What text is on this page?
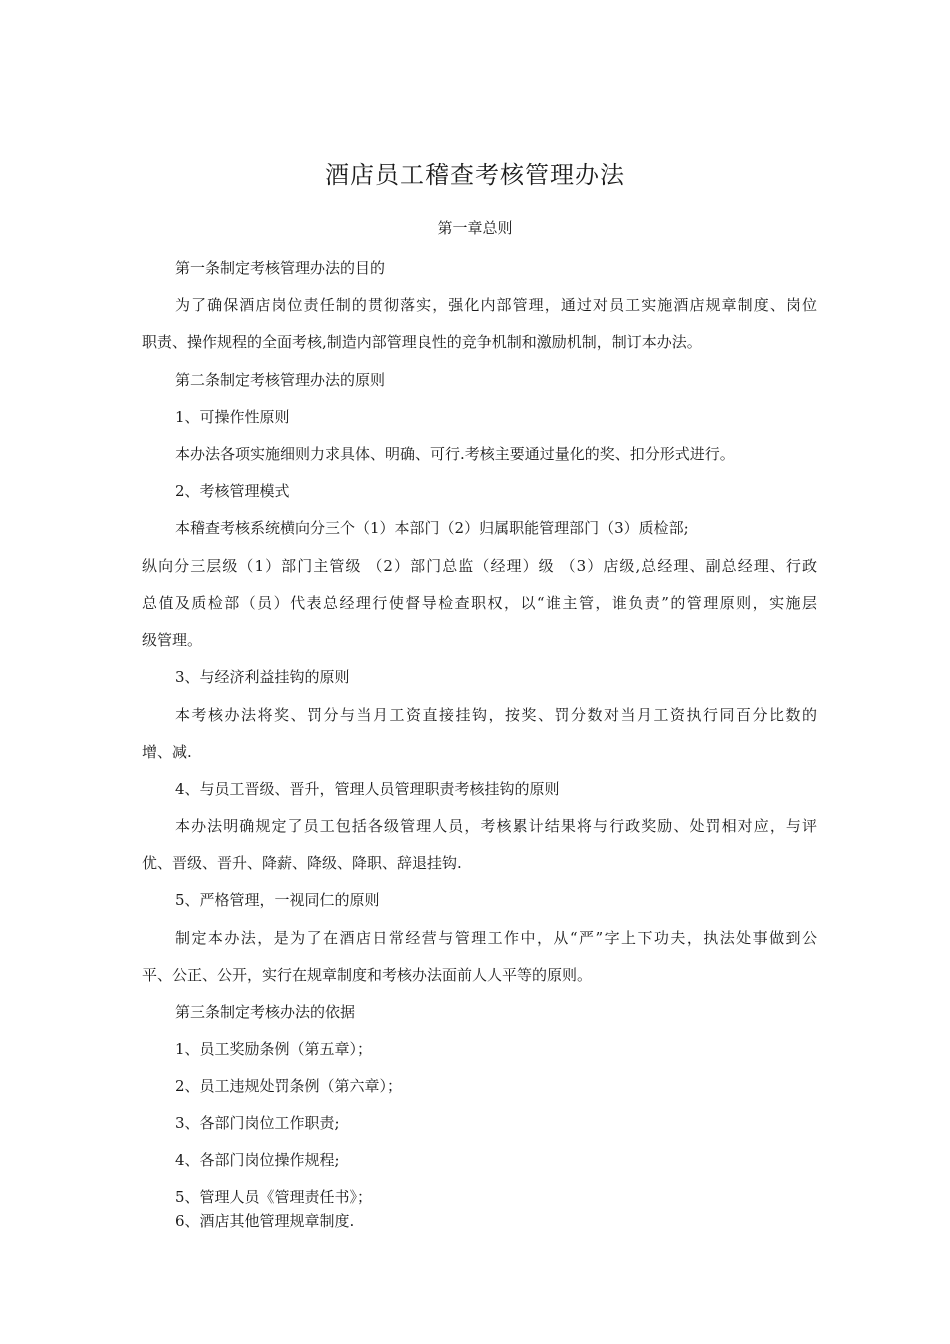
酒店员工稽查考核管理办法
第一章总则
第一条制定考核管理办法的目的
为了确保酒店岗位责任制的贯彻落实，强化内部管理，通过对员工实施酒店规章制度、岗位
职责、操作规程的全面考核,制造内部管理良性的竞争机制和激励机制，制订本办法。
第二条制定考核管理办法的原则
1、可操作性原则
本办法各项实施细则力求具体、明确、可行.考核主要通过量化的奖、扣分形式进行。
2、考核管理模式
本稽查考核系统横向分三个（1）本部门（2）归属职能管理部门（3）质检部;
纵向分三层级（1）部门主管级 （2）部门总监（经理）级 （3）店级,总经理、副总经理、行政
总值及质检部（员）代表总经理行使督导检查职权，以“谁主管，谁负责”的管理原则，实施层
级管理。
3、与经济利益挂钩的原则
本考核办法将奖、罚分与当月工资直接挂钩，按奖、罚分数对当月工资执行同百分比数的
增、减.
4、与员工晋级、晋升，管理人员管理职责考核挂钩的原则
本办法明确规定了员工包括各级管理人员，考核累计结果将与行政奖励、处罚相对应，与评
优、晋级、晋升、降薪、降级、降职、辞退挂钩.
5、严格管理，一视同仁的原则
制定本办法，是为了在酒店日常经营与管理工作中，从“严”字上下功夫，执法处事做到公
平、公正、公开，实行在规章制度和考核办法面前人人平等的原则。
第三条制定考核办法的依据
1、员工奖励条例（第五章）；
2、员工违规处罚条例（第六章）；
3、各部门岗位工作职责;
4、各部门岗位操作规程;
5、管理人员《管理责任书》；
6、酒店其他管理规章制度.
